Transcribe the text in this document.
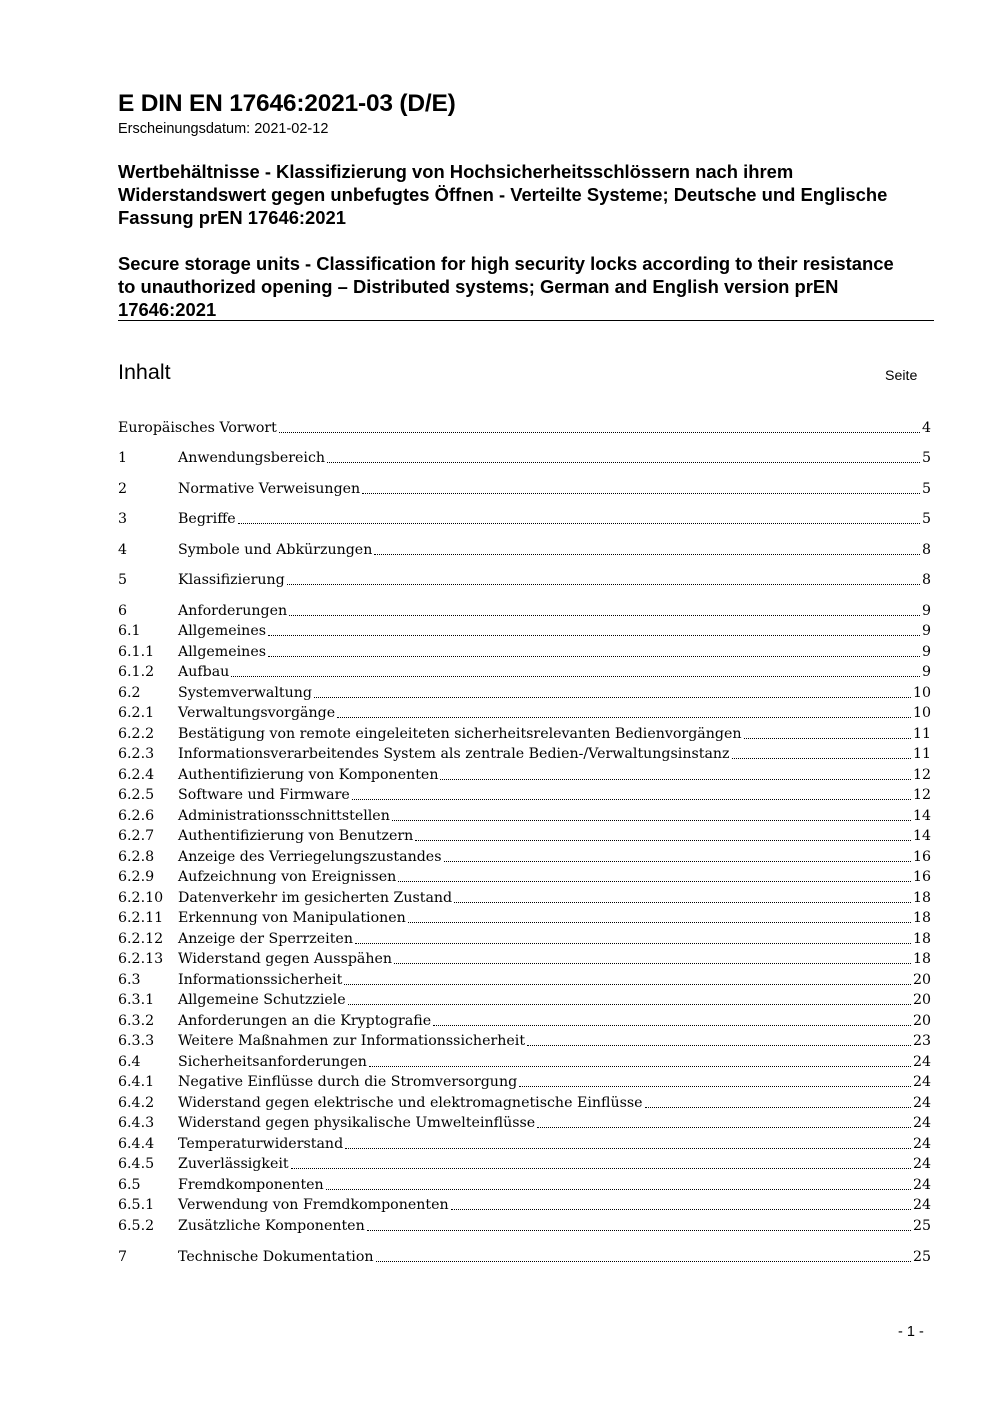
E DIN EN 17646:2021-03 (D/E)
Erscheinungsdatum: 2021-02-12
Wertbehältnisse - Klassifizierung von Hochsicherheitsschlössern nach ihrem Widerstandswert gegen unbefugtes Öffnen - Verteilte Systeme; Deutsche und Englische Fassung prEN 17646:2021
Secure storage units - Classification for high security locks according to their resistance to unauthorized opening – Distributed systems; German and English version prEN 17646:2021
Inhalt	Seite
Europäisches Vorwort	4
1	Anwendungsbereich	5
2	Normative Verweisungen	5
3	Begriffe	5
4	Symbole und Abkürzungen	8
5	Klassifizierung	8
6	Anforderungen	9
6.1	Allgemeines	9
6.1.1	Allgemeines	9
6.1.2	Aufbau	9
6.2	Systemverwaltung	10
6.2.1	Verwaltungsvorgänge	10
6.2.2	Bestätigung von remote eingeleiteten sicherheitsrelevanten Bedienvorgängen	11
6.2.3	Informationsverarbeitendes System als zentrale Bedien-/Verwaltungsinstanz	11
6.2.4	Authentifizierung von Komponenten	12
6.2.5	Software und Firmware	12
6.2.6	Administrationsschnittstellen	14
6.2.7	Authentifizierung von Benutzern	14
6.2.8	Anzeige des Verriegelungszustandes	16
6.2.9	Aufzeichnung von Ereignissen	16
6.2.10	Datenverkehr im gesicherten Zustand	18
6.2.11	Erkennung von Manipulationen	18
6.2.12	Anzeige der Sperrzeiten	18
6.2.13	Widerstand gegen Ausspähen	18
6.3	Informationssicherheit	20
6.3.1	Allgemeine Schutzziele	20
6.3.2	Anforderungen an die Kryptografie	20
6.3.3	Weitere Maßnahmen zur Informationssicherheit	23
6.4	Sicherheitsanforderungen	24
6.4.1	Negative Einflüsse durch die Stromversorgung	24
6.4.2	Widerstand gegen elektrische und elektromagnetische Einflüsse	24
6.4.3	Widerstand gegen physikalische Umwelteinflüsse	24
6.4.4	Temperaturwiderstand	24
6.4.5	Zuverlässigkeit	24
6.5	Fremdkomponenten	24
6.5.1	Verwendung von Fremdkomponenten	24
6.5.2	Zusätzliche Komponenten	25
7	Technische Dokumentation	25
- 1 -
